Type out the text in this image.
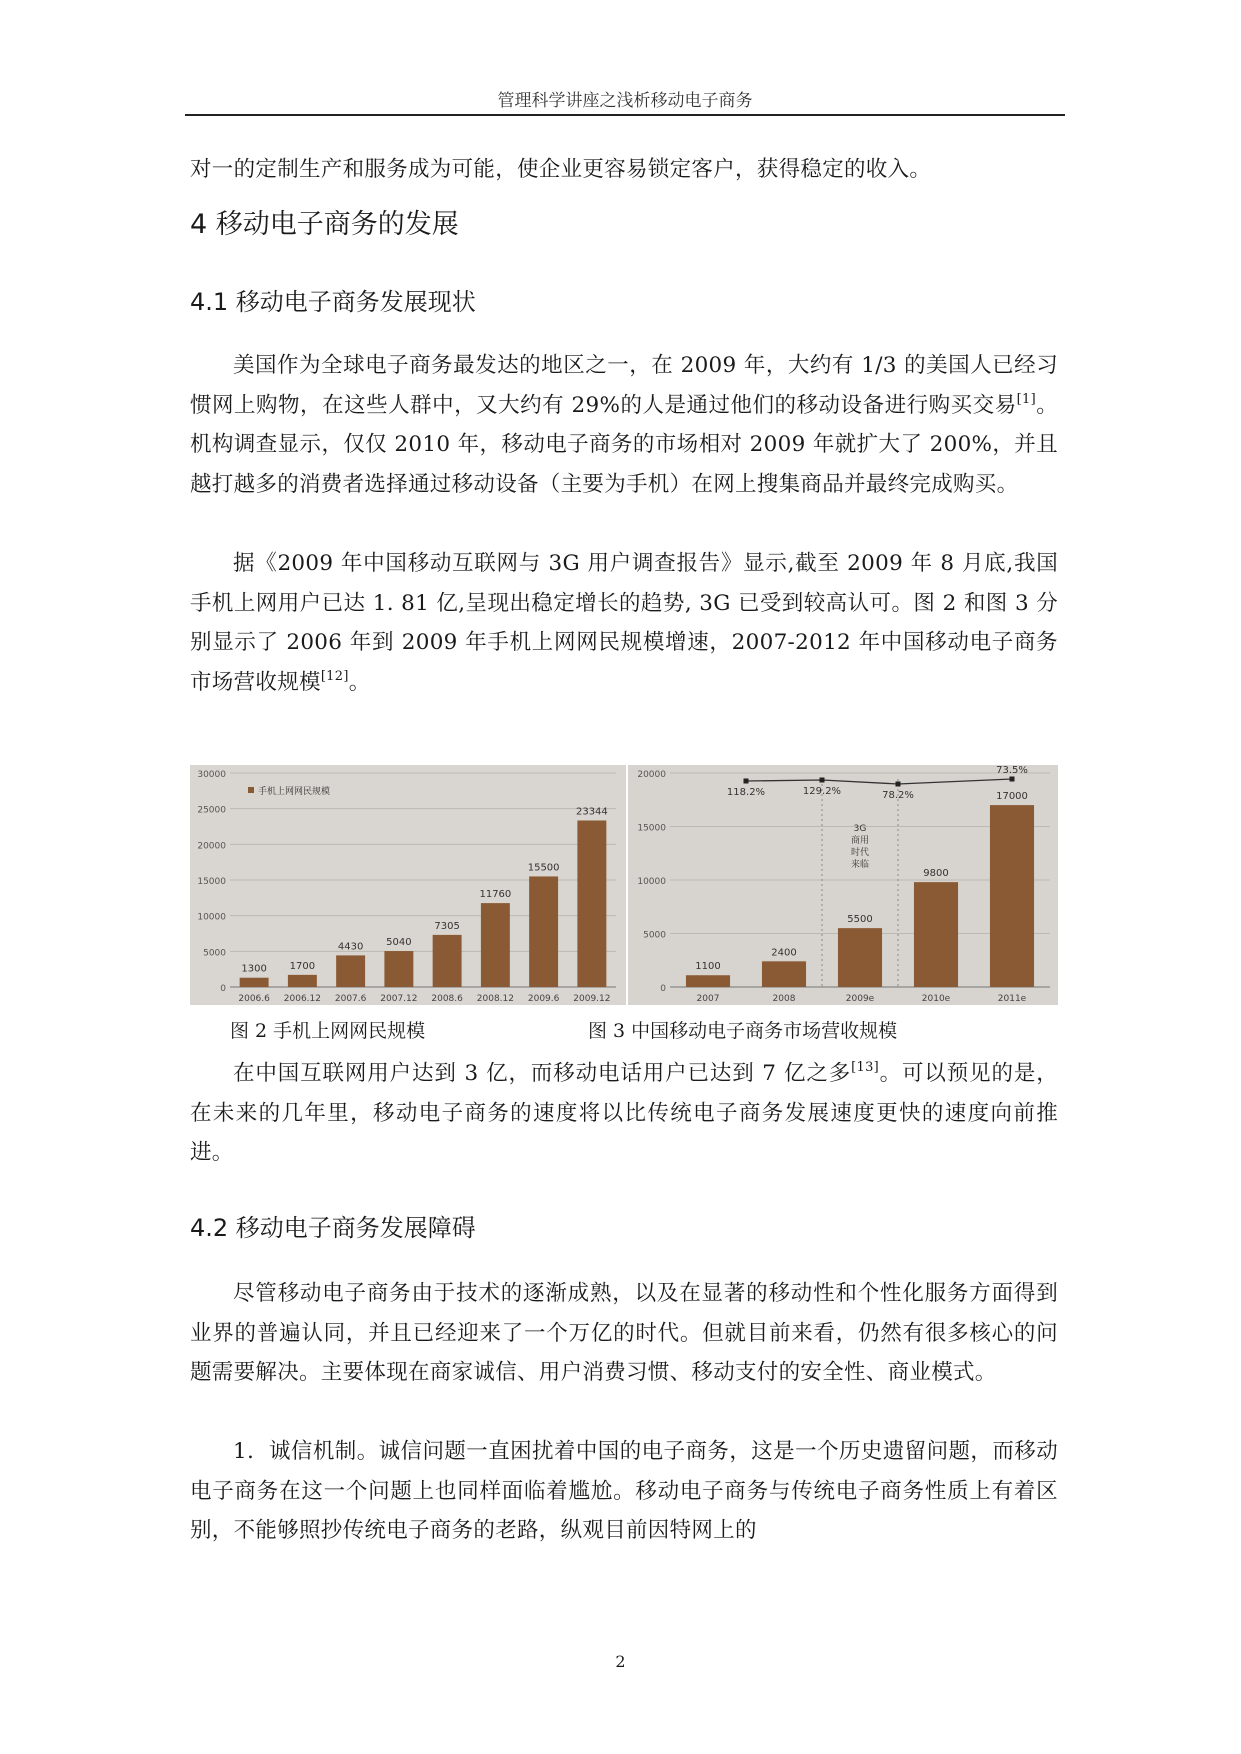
管理科学讲座之浅析移动电子商务

对一的定制生产和服务成为可能，使企业更容易锁定客户，获得稳定的收入。

4 移动电子商务的发展
4.1 移动电子商务发展现状

美国作为全球电子商务最发达的地区之一，在 2009 年，大约有 1/3 的美国人已经习惯网上购物，在这些人群中，又大约有 29%的人是通过他们的移动设备进行购买交易[1]。机构调查显示，仅仅 2010 年，移动电子商务的市场相对 2009 年就扩大了 200%，并且越打越多的消费者选择通过移动设备（主要为手机）在网上搜集商品并最终完成购买。

据《2009 年中国移动互联网与 3G 用户调查报告》显示,截至 2009 年 8 月底,我国手机上网用户已达 1. 81 亿,呈现出稳定增长的趋势, 3G 已受到较高认可。图 2 和图 3 分别显示了 2006 年到 2009 年手机上网网民规模增速，2007-2012 年中国移动电子商务市场营收规模[12]。

0
5000
10000
15000
20000
25000
30000
1300
2006.6
1700
2006.12
4430
2007.6
5040
2007.12
7305
2008.6
11760
2008.12
15500
2009.6
23344
2009.12
手机上网网民规模
0
5000
10000
15000
20000
1100
2007
2400
2008
5500
2009e
9800
2010e
17000
2011e
118.2%	129.2%	78.2%
73.5%
3G
商用
时代
来临
图 2 手机上网网民规模	图 3 中国移动电子商务市场营收规模

在中国互联网用户达到 3 亿，而移动电话用户已达到 7 亿之多[13]。可以预见的是，在未来的几年里，移动电子商务的速度将以比传统电子商务发展速度更快的速度向前推进。

4.2 移动电子商务发展障碍

尽管移动电子商务由于技术的逐渐成熟，以及在显著的移动性和个性化服务方面得到业界的普遍认同，并且已经迎来了一个万亿的时代。但就目前来看，仍然有很多核心的问题需要解决。主要体现在商家诚信、用户消费习惯、移动支付的安全性、商业模式。

1．诚信机制。诚信问题一直困扰着中国的电子商务，这是一个历史遗留问题，而移动电子商务在这一个问题上也同样面临着尴尬。移动电子商务与传统电子商务性质上有着区别，不能够照抄传统电子商务的老路，纵观目前因特网上的

2
